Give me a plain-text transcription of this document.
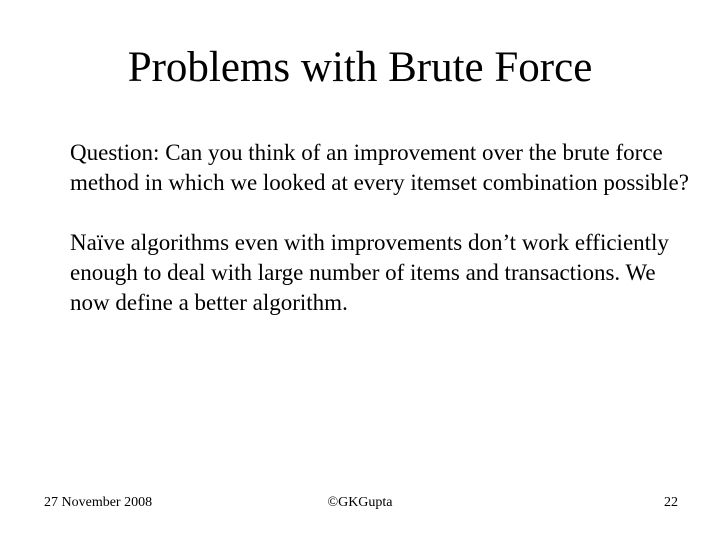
Problems with Brute Force

Question: Can you think of an improvement over the brute force method in which we looked at every itemset combination possible?

Naïve algorithms even with improvements don’t work efficiently enough to deal with large number of items and transactions. We now define a better algorithm.

27 November 2008	©GKGupta	22
